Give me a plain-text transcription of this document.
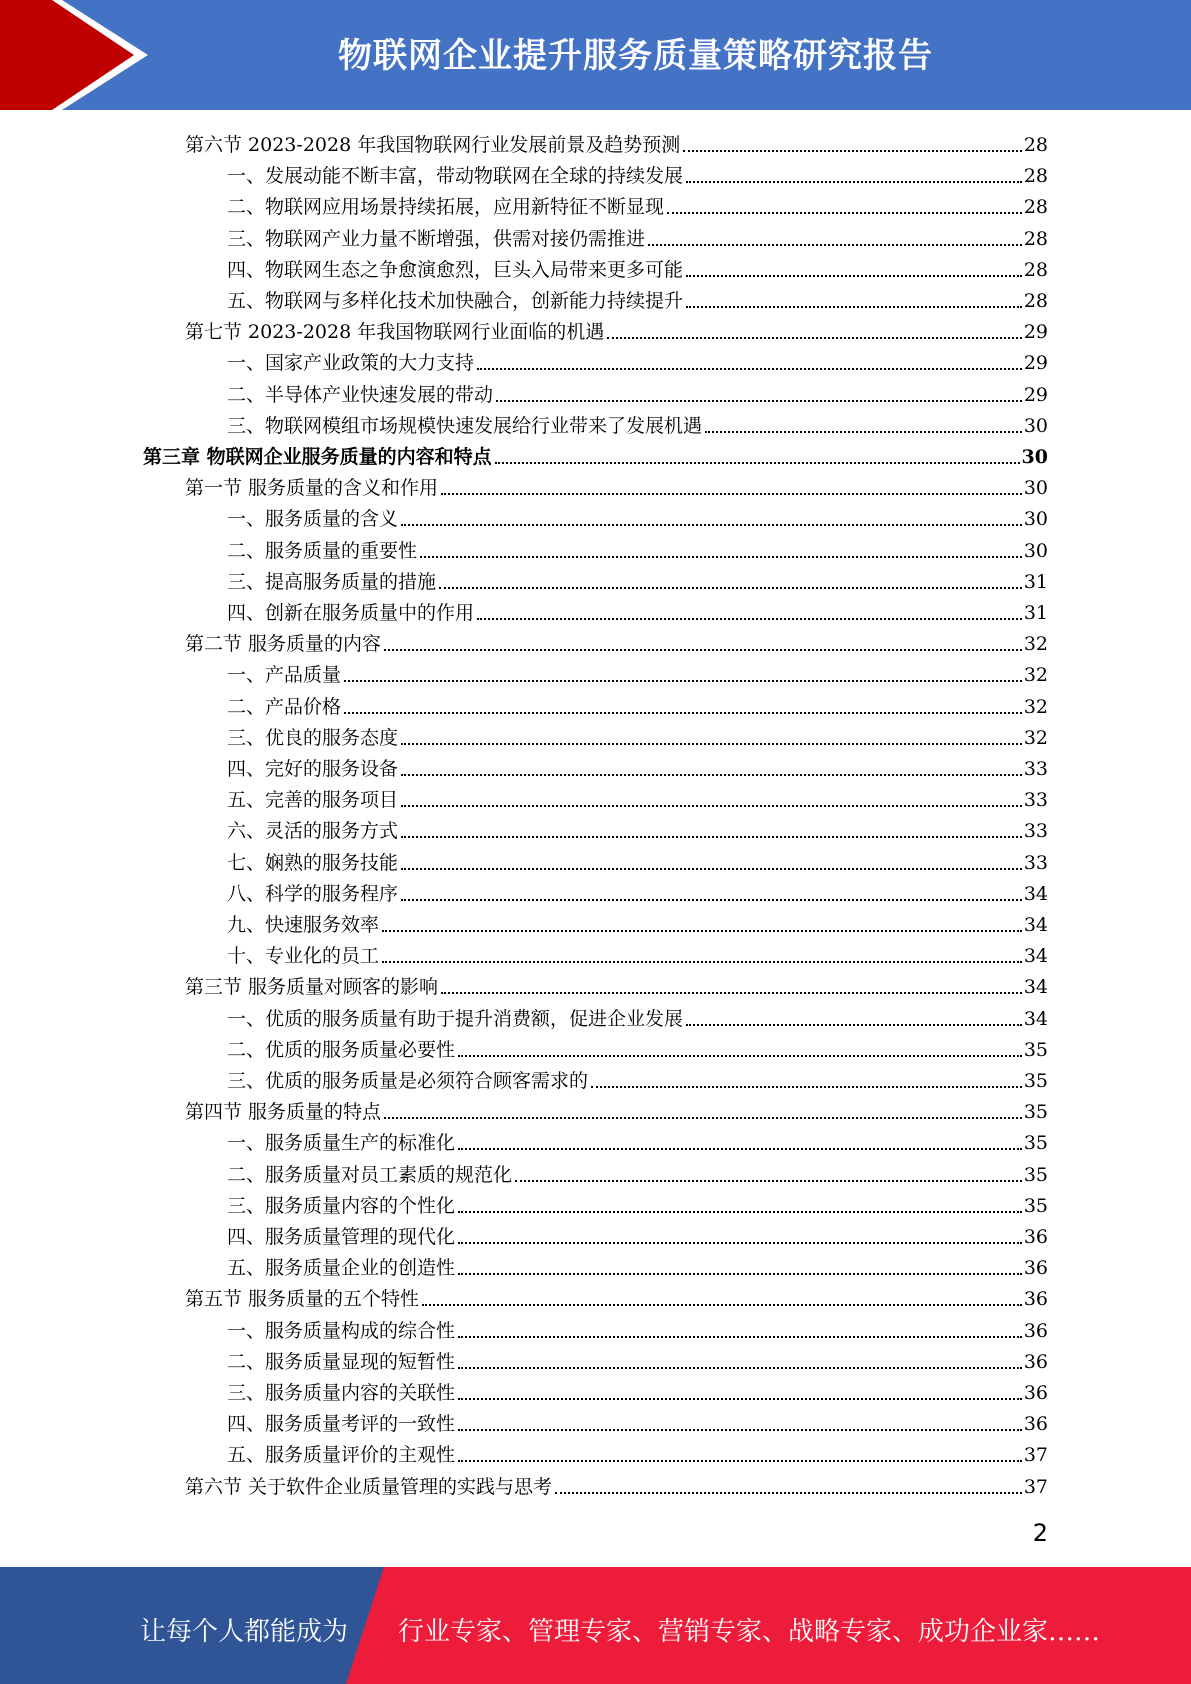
物联网企业提升服务质量策略研究报告
第六节 2023-2028 年我国物联网行业发展前景及趋势预测	28
一、发展动能不断丰富，带动物联网在全球的持续发展	28
二、物联网应用场景持续拓展，应用新特征不断显现	28
三、物联网产业力量不断增强，供需对接仍需推进	28
四、物联网生态之争愈演愈烈，巨头入局带来更多可能	28
五、物联网与多样化技术加快融合，创新能力持续提升	28
第七节 2023-2028 年我国物联网行业面临的机遇	29
一、国家产业政策的大力支持	29
二、半导体产业快速发展的带动	29
三、物联网模组市场规模快速发展给行业带来了发展机遇	30
第三章 物联网企业服务质量的内容和特点	30
第一节 服务质量的含义和作用	30
一、服务质量的含义	30
二、服务质量的重要性	30
三、提高服务质量的措施	31
四、创新在服务质量中的作用	31
第二节 服务质量的内容	32
一、产品质量	32
二、产品价格	32
三、优良的服务态度	32
四、完好的服务设备	33
五、完善的服务项目	33
六、灵活的服务方式	33
七、娴熟的服务技能	33
八、科学的服务程序	34
九、快速服务效率	34
十、专业化的员工	34
第三节 服务质量对顾客的影响	34
一、优质的服务质量有助于提升消费额，促进企业发展	34
二、优质的服务质量必要性	35
三、优质的服务质量是必须符合顾客需求的	35
第四节 服务质量的特点	35
一、服务质量生产的标准化	35
二、服务质量对员工素质的规范化	35
三、服务质量内容的个性化	35
四、服务质量管理的现代化	36
五、服务质量企业的创造性	36
第五节 服务质量的五个特性	36
一、服务质量构成的综合性	36
二、服务质量显现的短暂性	36
三、服务质量内容的关联性	36
四、服务质量考评的一致性	36
五、服务质量评价的主观性	37
第六节 关于软件企业质量管理的实践与思考	37
2
让每个人都能成为 行业专家、管理专家、营销专家、战略专家、成功企业家……
